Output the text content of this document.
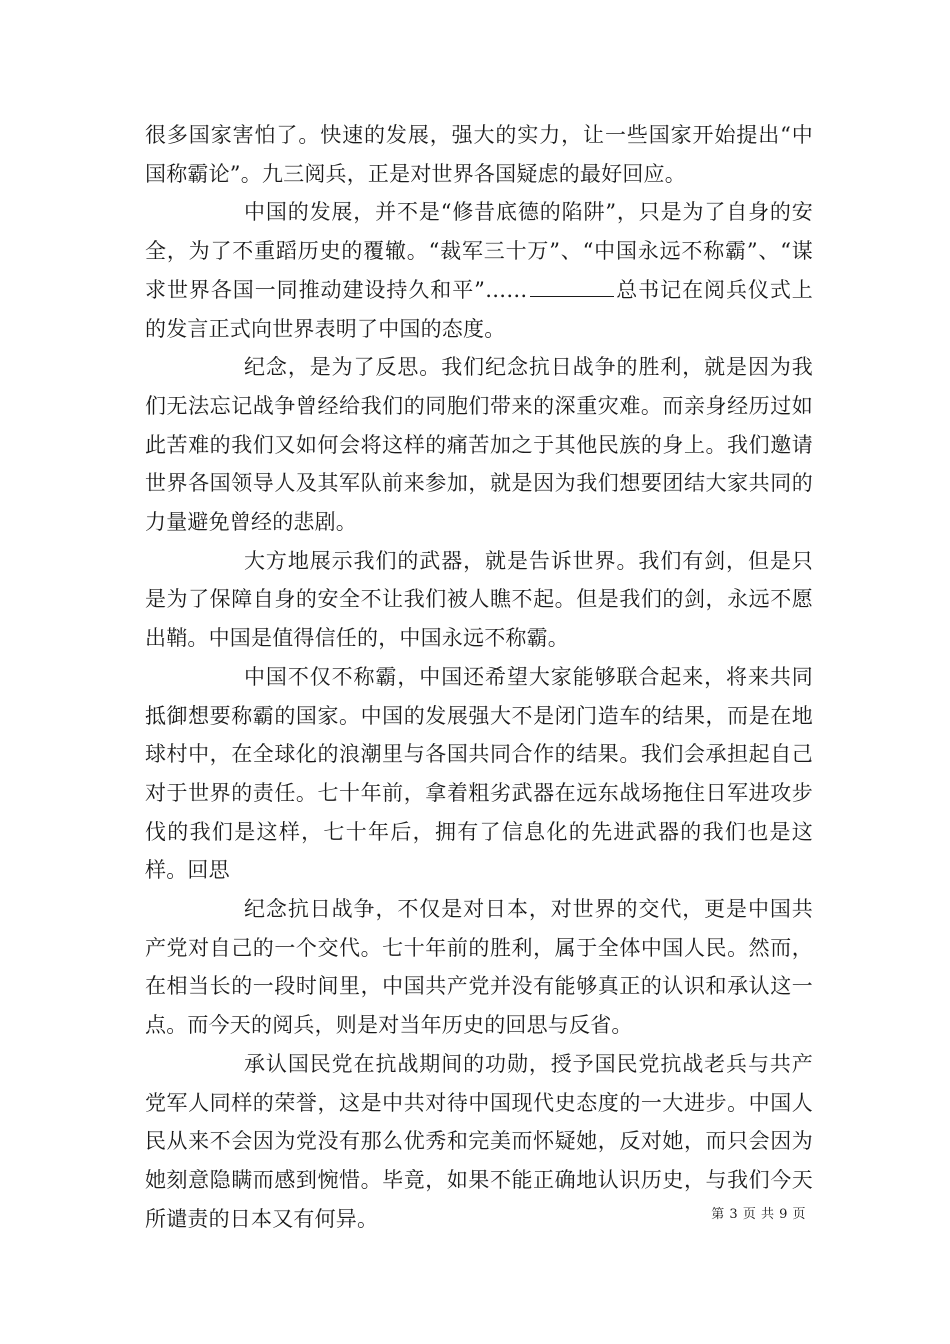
很多国家害怕了。快速的发展，强大的实力，让一些国家开始提出“中国称霸论”。九三阅兵，正是对世界各国疑虑的最好回应。

中国的发展，并不是“修昔底德的陷阱”，只是为了自身的安全，为了不重蹈历史的覆辙。“裁军三十万”、“中国永远不称霸”、“谋求世界各国一同推动建设持久和平”……	总书记在阅兵仪式上的发言正式向世界表明了中国的态度。

纪念，是为了反思。我们纪念抗日战争的胜利，就是因为我们无法忘记战争曾经给我们的同胞们带来的深重灾难。而亲身经历过如此苦难的我们又如何会将这样的痛苦加之于其他民族的身上。我们邀请世界各国领导人及其军队前来参加，就是因为我们想要团结大家共同的力量避免曾经的悲剧。

大方地展示我们的武器，就是告诉世界。我们有剑，但是只是为了保障自身的安全不让我们被人瞧不起。但是我们的剑，永远不愿出鞘。中国是值得信任的，中国永远不称霸。

中国不仅不称霸，中国还希望大家能够联合起来，将来共同抵御想要称霸的国家。中国的发展强大不是闭门造车的结果，而是在地球村中，在全球化的浪潮里与各国共同合作的结果。我们会承担起自己对于世界的责任。七十年前，拿着粗劣武器在远东战场拖住日军进攻步伐的我们是这样，七十年后，拥有了信息化的先进武器的我们也是这样。回思

纪念抗日战争，不仅是对日本，对世界的交代，更是中国共产党对自己的一个交代。七十年前的胜利，属于全体中国人民。然而，在相当长的一段时间里，中国共产党并没有能够真正的认识和承认这一点。而今天的阅兵，则是对当年历史的回思与反省。

承认国民党在抗战期间的功勋，授予国民党抗战老兵与共产党军人同样的荣誉，这是中共对待中国现代史态度的一大进步。中国人民从来不会因为党没有那么优秀和完美而怀疑她，反对她，而只会因为她刻意隐瞒而感到惋惜。毕竟，如果不能正确地认识历史，与我们今天所谴责的日本又有何异。	第 3 页 共 9 页
